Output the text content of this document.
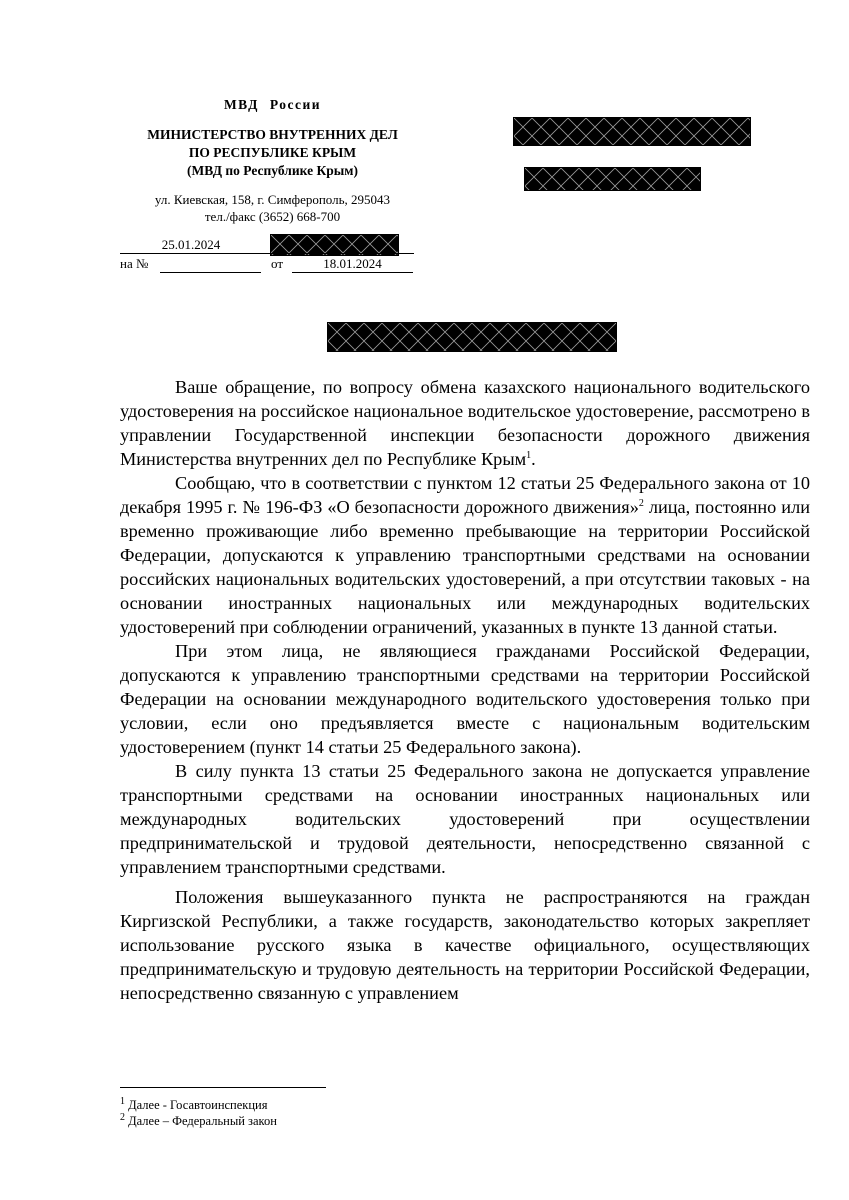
МВД России
МИНИСТЕРСТВО ВНУТРЕННИХ ДЕЛ
ПО РЕСПУБЛИКЕ КРЫМ
(МВД по Республике Крым)
ул. Киевская, 158, г. Симферополь, 295043
тел./факс (3652) 668-700
25.01.2024
на №	от	18.01.2024

Ваше обращение, по вопросу обмена казахского национального водительского удостоверения на российское национальное водительское удостоверение, рассмотрено в управлении Государственной инспекции безопасности дорожного движения Министерства внутренних дел по Республике Крым$^1$.

Сообщаю, что в соответствии с пунктом 12 статьи 25 Федерального закона от 10 декабря 1995 г. № 196-ФЗ «О безопасности дорожного движения»$^2$ лица, постоянно или временно проживающие либо временно пребывающие на территории Российской Федерации, допускаются к управлению транспортными средствами на основании российских национальных водительских удостоверений, а при отсутствии таковых - на основании иностранных национальных или международных водительских удостоверений при соблюдении ограничений, указанных в пункте 13 данной статьи.

При этом лица, не являющиеся гражданами Российской Федерации, допускаются к управлению транспортными средствами на территории Российской Федерации на основании международного водительского удостоверения только при условии, если оно предъявляется вместе с национальным водительским удостоверением (пункт 14 статьи 25 Федерального закона).

В силу пункта 13 статьи 25 Федерального закона не допускается управление транспортными средствами на основании иностранных национальных или международных водительских удостоверений при осуществлении предпринимательской и трудовой деятельности, непосредственно связанной с управлением транспортными средствами.

Положения вышеуказанного пункта не распространяются на граждан Киргизской Республики, а также государств, законодательство которых закрепляет использование русского языка в качестве официального, осуществляющих предпринимательскую и трудовую деятельность на территории Российской Федерации, непосредственно связанную с управлением

$^1$ Далее - Госавтоинспекция
$^2$ Далее – Федеральный закон
